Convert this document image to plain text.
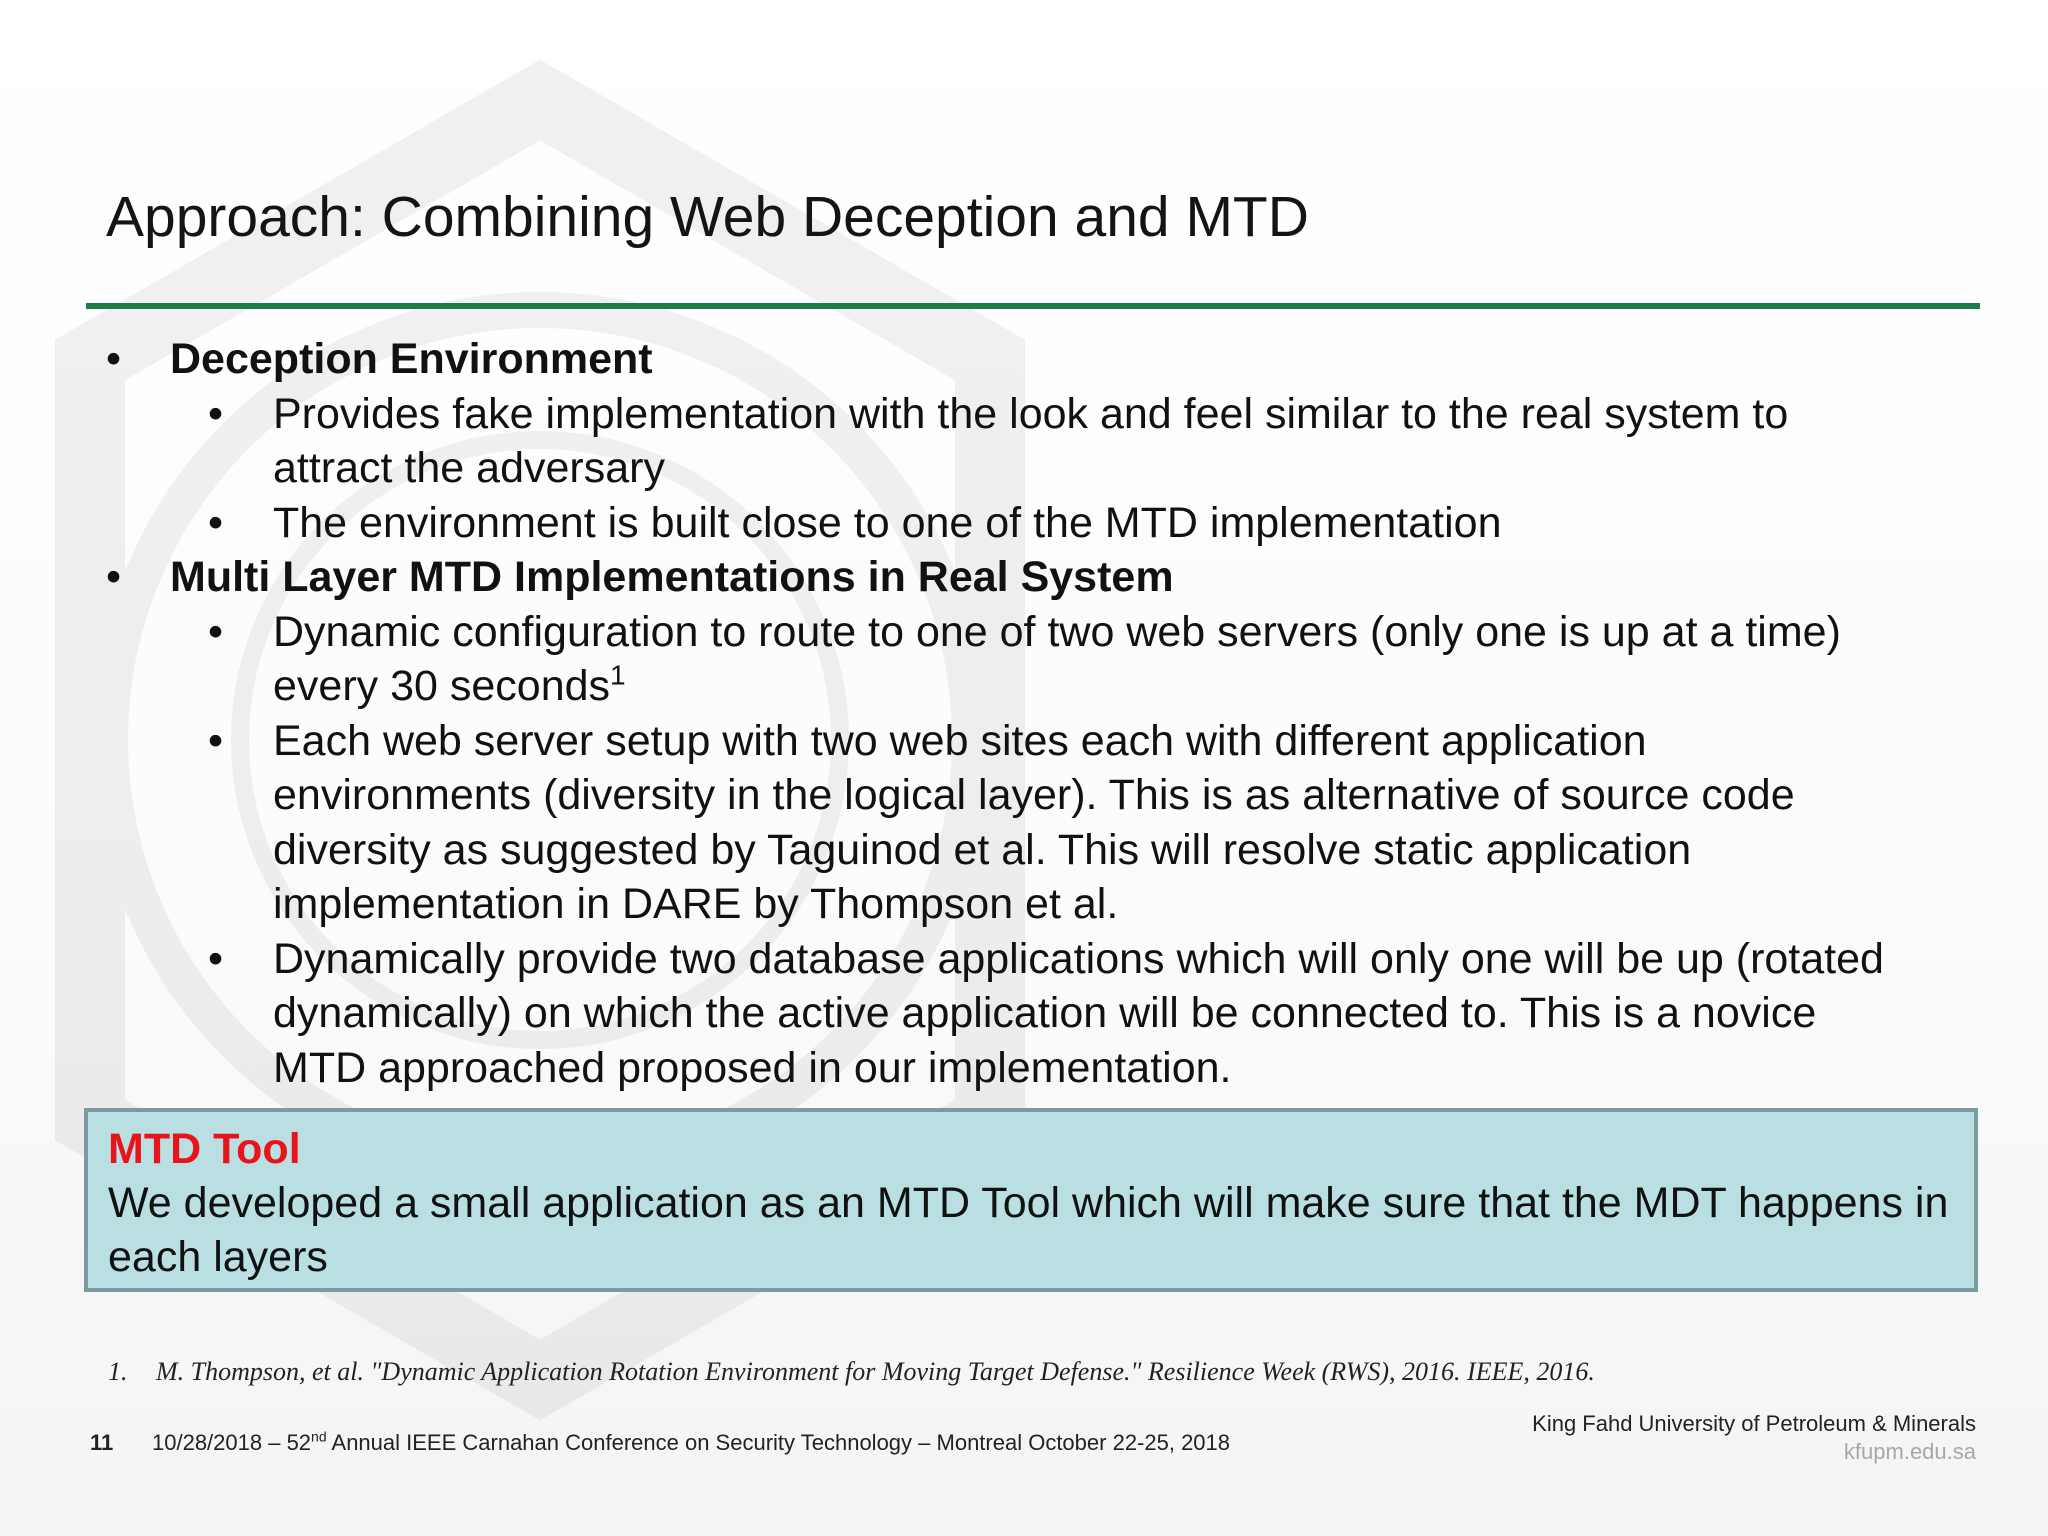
Approach: Combining Web Deception and MTD
• Deception Environment
• Provides fake implementation with the look and feel similar to the real system to attract the adversary
• The environment is built close to one of the MTD implementation
• Multi Layer MTD Implementations in Real System
• Dynamic configuration to route to one of two web servers (only one is up at a time) every 30 seconds$^1$
• Each web server setup with two web sites each with different application environments (diversity in the logical layer). This is as alternative of source code diversity as suggested by Taguinod et al. This will resolve static application implementation in DARE by Thompson et al.
• Dynamically provide two database applications which will only one will be up (rotated dynamically) on which the active application will be connected to. This is a novice MTD approached proposed in our implementation.
MTD Tool
We developed a small application as an MTD Tool which will make sure that the MDT happens in each layers
1. M. Thompson, et al. "Dynamic Application Rotation Environment for Moving Target Defense." Resilience Week (RWS), 2016. IEEE, 2016.
11 10/28/2018 – 52nd Annual IEEE Carnahan Conference on Security Technology – Montreal October 22-25, 2018
King Fahd University of Petroleum & Minerals
kfupm.edu.sa
